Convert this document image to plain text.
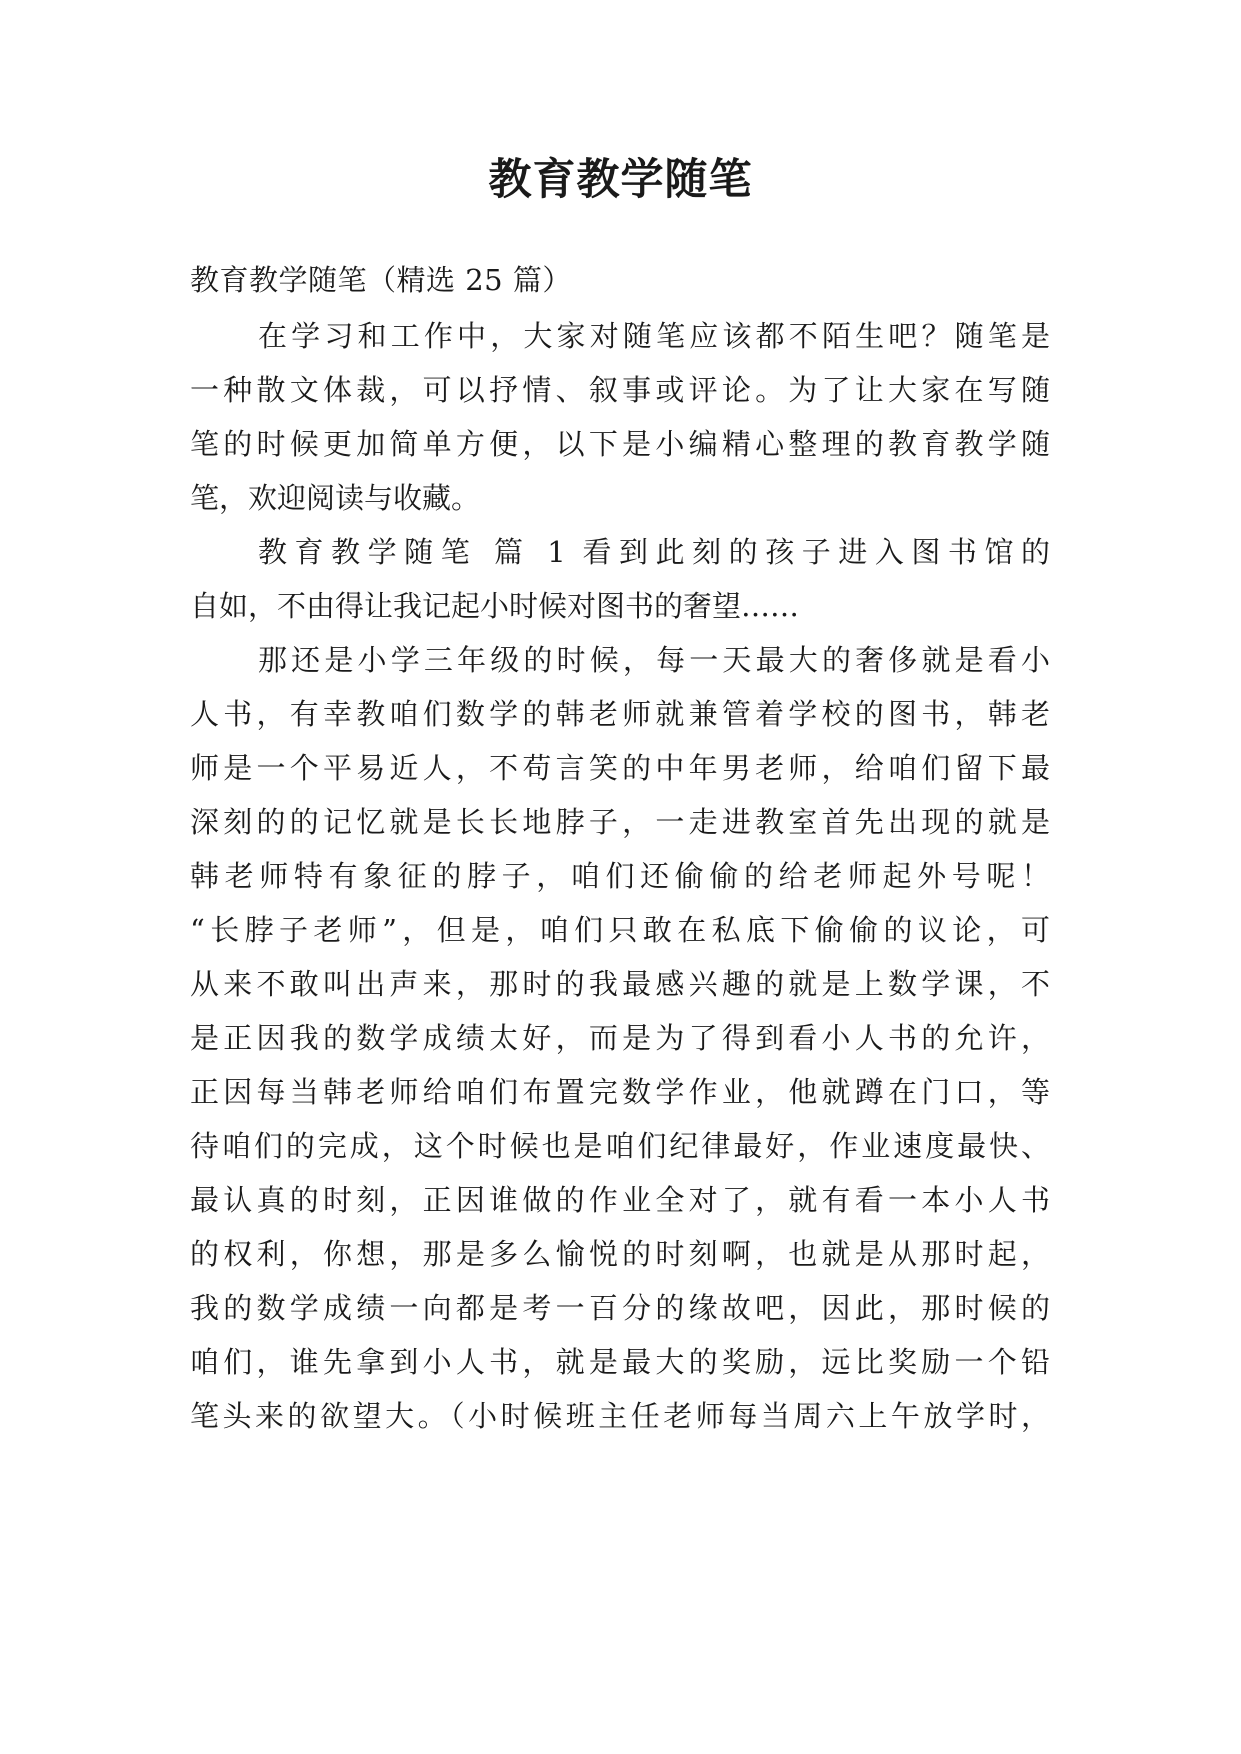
教育教学随笔

教育教学随笔（精选 25 篇）

在学习和工作中，大家对随笔应该都不陌生吧？随笔是

一种散文体裁，可以抒情、叙事或评论。为了让大家在写随

笔的时候更加简单方便，以下是小编精心整理的教育教学随

笔，欢迎阅读与收藏。

教育教学随笔 篇 1 看到此刻的孩子进入图书馆的

自如，不由得让我记起小时候对图书的奢望……

那还是小学三年级的时候，每一天最大的奢侈就是看小

人书，有幸教咱们数学的韩老师就兼管着学校的图书，韩老

师是一个平易近人，不苟言笑的中年男老师，给咱们留下最

深刻的的记忆就是长长地脖子，一走进教室首先出现的就是

韩老师特有象征的脖子，咱们还偷偷的给老师起外号呢！

“长脖子老师”，但是，咱们只敢在私底下偷偷的议论，可

从来不敢叫出声来，那时的我最感兴趣的就是上数学课，不

是正因我的数学成绩太好，而是为了得到看小人书的允许，

正因每当韩老师给咱们布置完数学作业，他就蹲在门口，等

待咱们的完成，这个时候也是咱们纪律最好，作业速度最快、

最认真的时刻，正因谁做的作业全对了，就有看一本小人书

的权利，你想，那是多么愉悦的时刻啊，也就是从那时起，

我的数学成绩一向都是考一百分的缘故吧，因此，那时候的

咱们，谁先拿到小人书，就是最大的奖励，远比奖励一个铅

笔头来的欲望大。（小时候班主任老师每当周六上午放学时，
